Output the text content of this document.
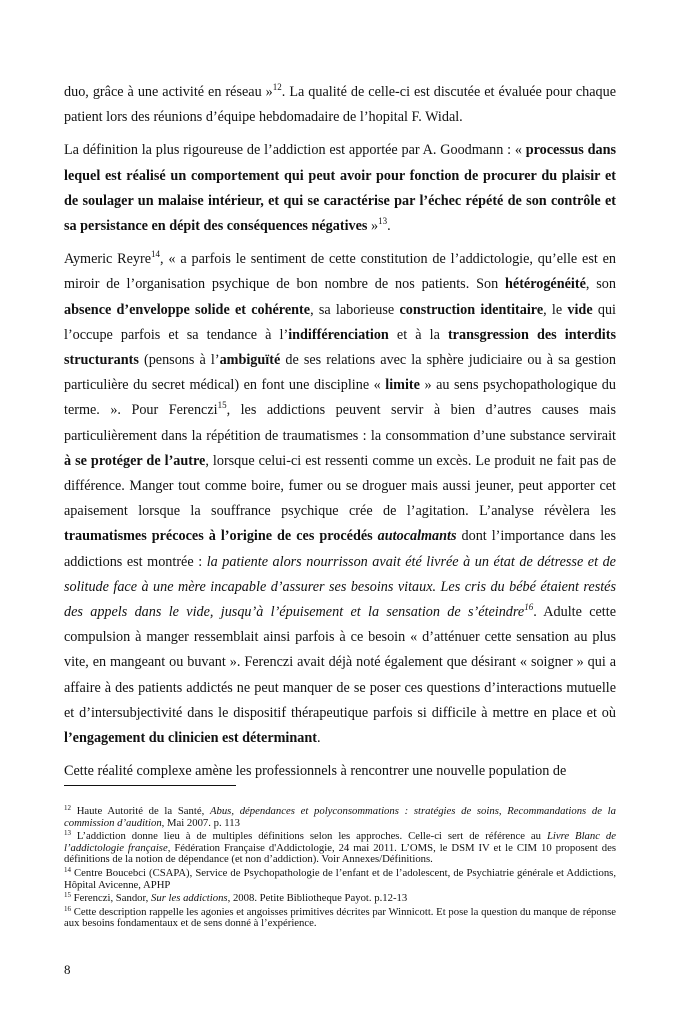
duo, grâce à une activité en réseau »$^{12}$. La qualité de celle-ci est discutée et évaluée pour chaque patient lors des réunions d’équipe hebdomadaire de l’hopital F. Widal.

La définition la plus rigoureuse de l’addiction est apportée par A. Goodmann : « processus dans lequel est réalisé un comportement qui peut avoir pour fonction de procurer du plaisir et de soulager un malaise intérieur, et qui se caractérise par l’échec répété de son contrôle et sa persistance en dépit des conséquences négatives »$^{13}$.

Aymeric Reyre$^{14}$, « a parfois le sentiment de cette constitution de l’addictologie, qu’elle est en miroir de l’organisation psychique de bon nombre de nos patients. Son hétérogénéité, son absence d’enveloppe solide et cohérente, sa laborieuse construction identitaire, le vide qui l’occupe parfois et sa tendance à l’indifférenciation et à la transgression des interdits structurants (pensons à l’ambiguïté de ses relations avec la sphère judiciaire ou à sa gestion particulière du secret médical) en font une discipline « limite » au sens psychopathologique du terme. ». Pour Ferenczi$^{15}$, les addictions peuvent servir à bien d’autres causes mais particulièrement dans la répétition de traumatismes : la consommation d’une substance servirait à se protéger de l’autre, lorsque celui-ci est ressenti comme un excès. Le produit ne fait pas de différence. Manger tout comme boire, fumer ou se droguer mais aussi jeuner, peut apporter cet apaisement lorsque la souffrance psychique crée de l’agitation. L’analyse révèlera les traumatismes précoces à l’origine de ces procédés autocalmants dont l’importance dans les addictions est montrée : la patiente alors nourrisson avait été livrée à un état de détresse et de solitude face à une mère incapable d’assurer ses besoins vitaux. Les cris du bébé étaient restés des appels dans le vide, jusqu’à l’épuisement et la sensation de s’éteindre$^{16}$. Adulte cette compulsion à manger ressemblait ainsi parfois à ce besoin « d’atténuer cette sensation au plus vite, en mangeant ou buvant ». Ferenczi avait déjà noté également que désirant « soigner » qui a affaire à des patients addictés ne peut manquer de se poser ces questions d’interactions mutuelle et d’intersubjectivité dans le dispositif thérapeutique parfois si difficile à mettre en place et où l’engagement du clinicien est déterminant.

Cette réalité complexe amène les professionnels à rencontrer une nouvelle population de

$^{12}$ Haute Autorité de la Santé, Abus, dépendances et polyconsommations : stratégies de soins, Recommandations de la commission d’audition, Mai 2007. p. 113

$^{13}$ L’addiction donne lieu à de multiples définitions selon les approches. Celle-ci sert de référence au Livre Blanc de l’addictologie française, Fédération Française d'Addictologie, 24 mai 2011. L’OMS, le DSM IV et le CIM 10 proposent des définitions de la notion de dépendance (et non d’addiction). Voir Annexes/Définitions.

$^{14}$ Centre Boucebci (CSAPA), Service de Psychopathologie de l’enfant et de l’adolescent, de Psychiatrie générale et Addictions, Hôpital Avicenne, APHP

$^{15}$ Ferenczi, Sandor, Sur les addictions, 2008. Petite Bibliotheque Payot. p.12-13

$^{16}$ Cette description rappelle les agonies et angoisses primitives décrites par Winnicott. Et pose la question du manque de réponse aux besoins fondamentaux et de sens donné à l’expérience.

8
